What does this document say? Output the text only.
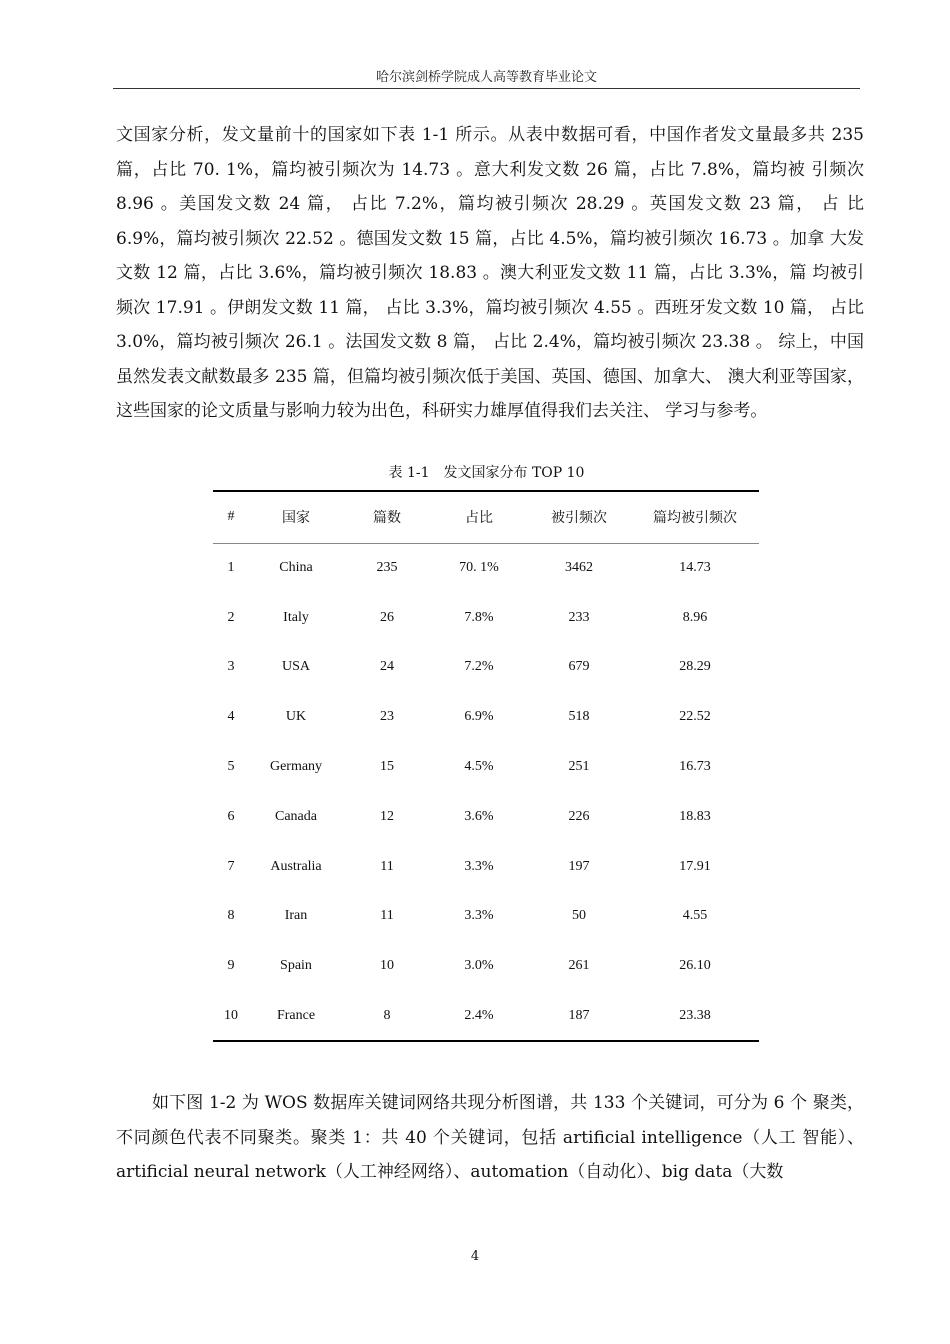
哈尔滨剑桥学院成人高等教育毕业论文

文国家分析，发文量前十的国家如下表 1-1 所示。从表中数据可看，中国作者发文量最多共 235 篇，占比 70. 1%，篇均被引频次为 14.73 。意大利发文数 26 篇，占比 7.8%，篇均被 引频次 8.96 。美国发文数 24 篇， 占比 7.2%，篇均被引频次 28.29 。英国发文数 23 篇， 占 比 6.9%，篇均被引频次 22.52 。德国发文数 15 篇，占比 4.5%，篇均被引频次 16.73 。加拿 大发文数 12 篇，占比 3.6%，篇均被引频次 18.83 。澳大利亚发文数 11 篇，占比 3.3%，篇 均被引频次 17.91 。伊朗发文数 11 篇， 占比 3.3%，篇均被引频次 4.55 。西班牙发文数 10 篇， 占比 3.0%，篇均被引频次 26.1 。法国发文数 8 篇， 占比 2.4%，篇均被引频次 23.38 。 综上，中国虽然发表文献数最多 235 篇，但篇均被引频次低于美国、英国、德国、加拿大、 澳大利亚等国家，这些国家的论文质量与影响力较为出色，科研实力雄厚值得我们去关注、 学习与参考。

表 1-1　发文国家分布 TOP 10
#	国家	篇数	占比	被引频次	篇均被引频次
1	China	235	70. 1%	3462	14.73
2	Italy	26	7.8%	233	8.96
3	USA	24	7.2%	679	28.29
4	UK	23	6.9%	518	22.52
5	Germany	15	4.5%	251	16.73
6	Canada	12	3.6%	226	18.83
7	Australia	11	3.3%	197	17.91
8	Iran	11	3.3%	50	4.55
9	Spain	10	3.0%	261	26.10
10	France	8	2.4%	187	23.38

如下图 1-2 为 WOS 数据库关键词网络共现分析图谱，共 133 个关键词，可分为 6 个 聚类，不同颜色代表不同聚类。聚类 1：共 40 个关键词，包括 artificial intelligence（人工 智能）、artificial neural network（人工神经网络）、automation（自动化）、big data（大数

4
